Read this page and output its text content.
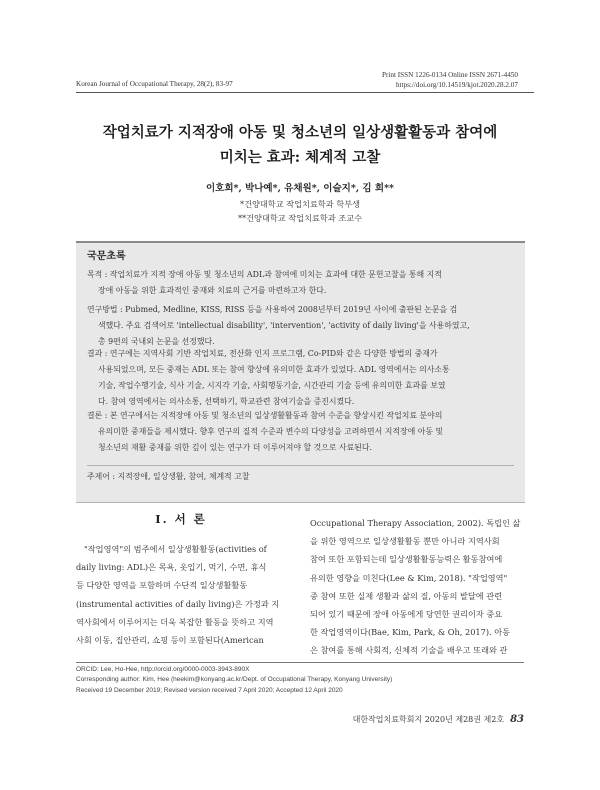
Korean Journal of Occupational Therapy, 28(2), 83-97
Print ISSN 1226-0134 Online ISSN 2671-4450
https://doi.org/10.14519/kjot.2020.28.2.07
작업치료가 지적장애 아동 및 청소년의 일상생활활동과 참여에
미치는 효과: 체계적 고찰
이호희*, 박나예*, 유채원*, 이슬지*, 김 희**
*건양대학교 작업치료학과 학부생
**건양대학교 작업치료학과 조교수
국문초록
목적 : 작업치료가 지적 장애 아동 및 청소년의 ADL과 참여에 미치는 효과에 대한 문헌고찰을 통해 지적
장애 아동을 위한 효과적인 중재와 치료의 근거를 마련하고자 한다.
연구방법 : Pubmed, Medline, KISS, RISS 등을 사용하여 2008년부터 2019년 사이에 출판된 논문을 검
색했다. 주요 검색어로 'intellectual disability', 'intervention', 'activity of daily living'을 사용하였고,
총 9편의 국내외 논문을 선정했다.
결과 : 연구에는 지역사회 기반 작업치료, 전산화 인지 프로그램, Co-PID와 같은 다양한 방법의 중재가
사용되었으며, 모든 중재는 ADL 또는 참여 향상에 유의미한 효과가 있었다. ADL 영역에서는 의사소통
기술, 작업수행기술, 식사 기술, 시지각 기술, 사회행동기술, 시간관리 기술 등에 유의미한 효과를 보였
다. 참여 영역에서는 의사소통, 선택하기, 학교관련 참여기술을 증진시켰다.
결론 : 본 연구에서는 지적장애 아동 및 청소년의 일상생활활동과 참여 수준을 향상시킨 작업치료 분야의
유의미한 중재들을 제시했다. 향후 연구의 질적 수준과 변수의 다양성을 고려하면서 지적장애 아동 및
청소년의 재활 중재를 위한 깊이 있는 연구가 더 이루어져야 할 것으로 사료된다.
주제어 : 지적장애, 일상생활, 참여, 체계적 고찰
Ⅰ. 서 론
"작업영역"의 범주에서 일상생활활동(activities of
daily living: ADL)은 목욕, 옷입기, 먹기, 수면, 휴식
등 다양한 영역을 포함하며 수단적 일상생활활동
(instrumental activities of daily living)은 가정과 지
역사회에서 이루어지는 더욱 복잡한 활동을 뜻하고 지역
사회 이동, 집안관리, 쇼핑 등이 포함된다(American
Occupational Therapy Association, 2002). 독립인 삶
을 위한 영역으로 일상생활활동 뿐만 아니라 지역사회
참여 또한 포함되는데 일상생활활동능력은 활동참여에
유의한 영향을 미친다(Lee & Kim, 2018). "작업영역"
중 참여 또한 실제 생활과 삶의 질, 아동의 발달에 관련
되어 있기 때문에 장애 아동에게 당연한 권리이자 중요
한 작업영역이다(Bae, Kim, Park, & Oh, 2017). 아동
은 참여를 통해 사회적, 신체적 기술을 배우고 또래와 관
ORCID: Lee, Ho-Hee, http://orcid.org/0000-0003-3943-890X
Corresponding author: Kim, Hee (heekim@konyang.ac.kr/Dept. of Occupational Therapy, Konyang University)
Received 19 December 2019; Revised version received 7 April 2020; Accepted 12 April 2020
대한작업치료학회지 2020년 제28권 제2호 83
